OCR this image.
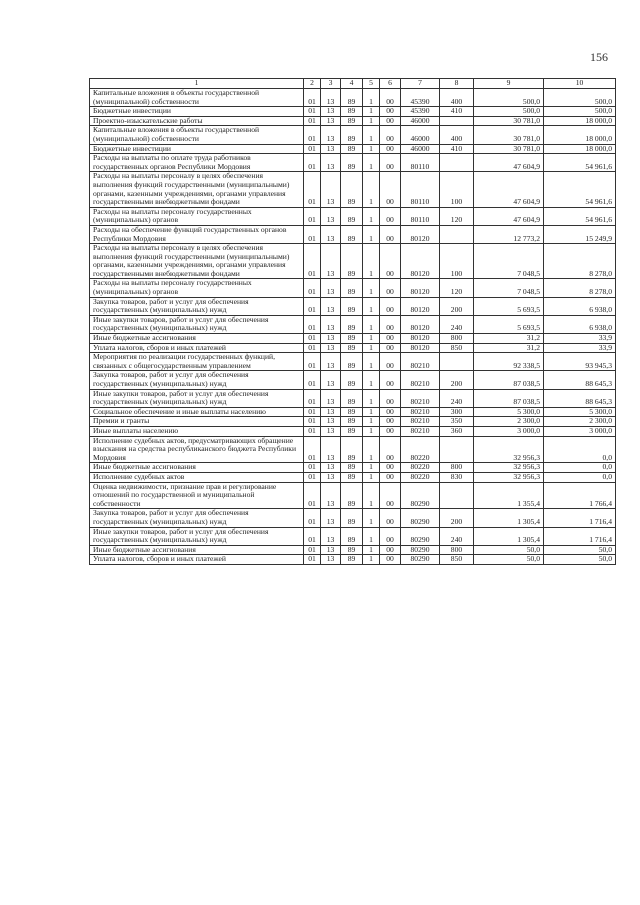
156
1	2	3	4	5	6	7	8	9	10
Капитальные вложения в объекты государственной (муниципальной) собственности	01	13	89	1	00	45390	400	500,0	500,0
Бюджетные инвестиции	01	13	89	1	00	45390	410	500,0	500,0
Проектно-изыскательские работы	01	13	89	1	00	46000		30 781,0	18 000,0
Капитальные вложения в объекты государственной (муниципальной) собственности	01	13	89	1	00	46000	400	30 781,0	18 000,0
Бюджетные инвестиции	01	13	89	1	00	46000	410	30 781,0	18 000,0
Расходы на выплаты по оплате труда работников государственных органов Республики Мордовия	01	13	89	1	00	80110		47 604,9	54 961,6
Расходы на выплаты персоналу в целях обеспечения выполнения функций государственными (муниципальными) органами, казенными учреждениями, органами управления государственными внебюджетными фондами	01	13	89	1	00	80110	100	47 604,9	54 961,6
Расходы на выплаты персоналу государственных (муниципальных) органов	01	13	89	1	00	80110	120	47 604,9	54 961,6
Расходы на обеспечение функций государственных органов Республики Мордовия	01	13	89	1	00	80120		12 773,2	15 249,9
Расходы на выплаты персоналу в целях обеспечения выполнения функций государственными (муниципальными) органами, казенными учреждениями, органами управления государственными внебюджетными фондами	01	13	89	1	00	80120	100	7 048,5	8 278,0
Расходы на выплаты персоналу государственных (муниципальных) органов	01	13	89	1	00	80120	120	7 048,5	8 278,0
Закупка товаров, работ и услуг для обеспечения государственных (муниципальных) нужд	01	13	89	1	00	80120	200	5 693,5	6 938,0
Иные закупки товаров, работ и услуг для обеспечения государственных (муниципальных) нужд	01	13	89	1	00	80120	240	5 693,5	6 938,0
Иные бюджетные ассигнования	01	13	89	1	00	80120	800	31,2	33,9
Уплата налогов, сборов и иных платежей	01	13	89	1	00	80120	850	31,2	33,9
Мероприятия по реализации государственных функций, связанных с общегосударственным управлением	01	13	89	1	00	80210		92 338,5	93 945,3
Закупка товаров, работ и услуг для обеспечения государственных (муниципальных) нужд	01	13	89	1	00	80210	200	87 038,5	88 645,3
Иные закупки товаров, работ и услуг для обеспечения государственных (муниципальных) нужд	01	13	89	1	00	80210	240	87 038,5	88 645,3
Социальное обеспечение и иные выплаты населению	01	13	89	1	00	80210	300	5 300,0	5 300,0
Премии и гранты	01	13	89	1	00	80210	350	2 300,0	2 300,0
Иные выплаты населению	01	13	89	1	00	80210	360	3 000,0	3 000,0
Исполнение судебных актов, предусматривающих обращение взыскания на средства республиканского бюджета Республики Мордовия	01	13	89	1	00	80220		32 956,3	0,0
Иные бюджетные ассигнования	01	13	89	1	00	80220	800	32 956,3	0,0
Исполнение судебных актов	01	13	89	1	00	80220	830	32 956,3	0,0
Оценка недвижимости, признание прав и регулирование отношений по государственной и муниципальной собственности	01	13	89	1	00	80290		1 355,4	1 766,4
Закупка товаров, работ и услуг для обеспечения государственных (муниципальных) нужд	01	13	89	1	00	80290	200	1 305,4	1 716,4
Иные закупки товаров, работ и услуг для обеспечения государственных (муниципальных) нужд	01	13	89	1	00	80290	240	1 305,4	1 716,4
Иные бюджетные ассигнования	01	13	89	1	00	80290	800	50,0	50,0
Уплата налогов, сборов и иных платежей	01	13	89	1	00	80290	850	50,0	50,0
